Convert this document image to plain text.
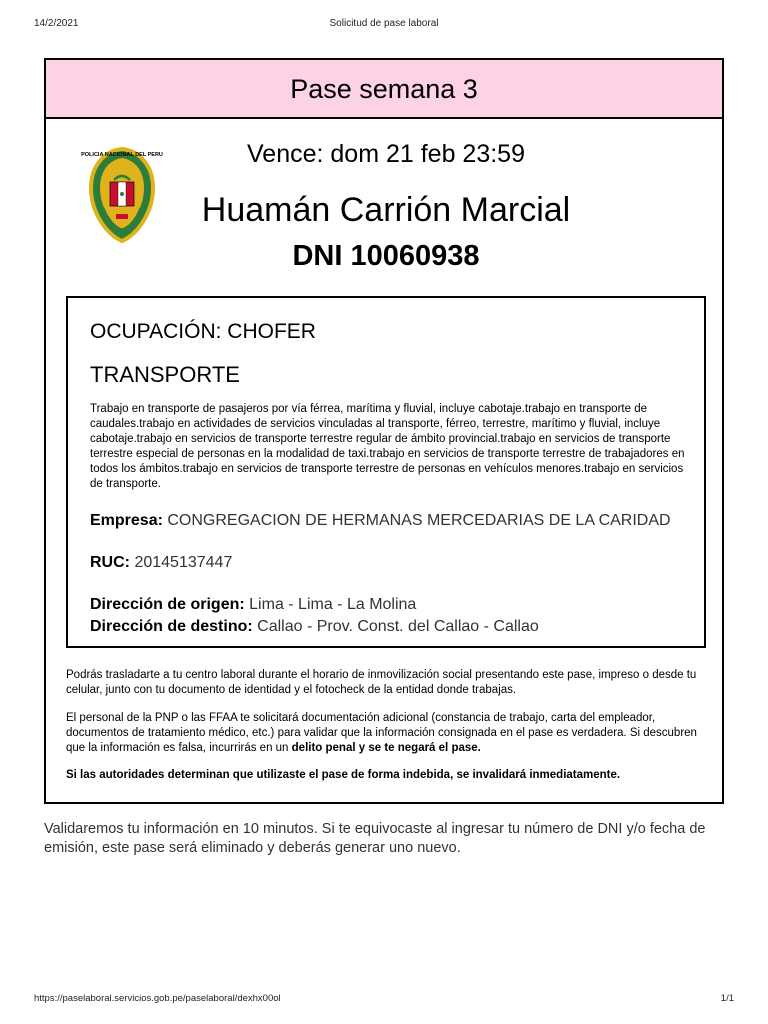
14/2/2021	Solicitud de pase laboral
Pase semana 3
POLICIA NACIONAL DEL PERU	Vence: dom 21 feb 23:59
Huamán Carrión Marcial
DNI 10060938
OCUPACIÓN: CHOFER
TRANSPORTE

Trabajo en transporte de pasajeros por vía férrea, marítima y fluvial, incluye cabotaje.trabajo en transporte de caudales.trabajo en actividades de servicios vinculadas al transporte, férreo, terrestre, marítimo y fluvial, incluye cabotaje.trabajo en servicios de transporte terrestre regular de ámbito provincial.trabajo en servicios de transporte terrestre especial de personas en la modalidad de taxi.trabajo en servicios de transporte terrestre de trabajadores en todos los ámbitos.trabajo en servicios de transporte terrestre de personas en vehículos menores.trabajo en servicios de transporte.

Empresa: CONGREGACION DE HERMANAS MERCEDARIAS DE LA CARIDAD
RUC: 20145137447
Dirección de origen: Lima - Lima - La Molina
Dirección de destino: Callao - Prov. Const. del Callao - Callao

Podrás trasladarte a tu centro laboral durante el horario de inmovilización social presentando este pase, impreso o desde tu celular, junto con tu documento de identidad y el fotocheck de la entidad donde trabajas.

El personal de la PNP o las FFAA te solicitará documentación adicional (constancia de trabajo, carta del empleador, documentos de tratamiento médico, etc.) para validar que la información consignada en el pase es verdadera. Si descubren que la información es falsa, incurrirás en un delito penal y se te negará el pase.

Si las autoridades determinan que utilizaste el pase de forma indebida, se invalidará inmediatamente.

Validaremos tu información en 10 minutos. Si te equivocaste al ingresar tu número de DNI y/o fecha de emisión, este pase será eliminado y deberás generar uno nuevo.

https://paselaboral.servicios.gob.pe/paselaboral/dexhx00ol	1/1
